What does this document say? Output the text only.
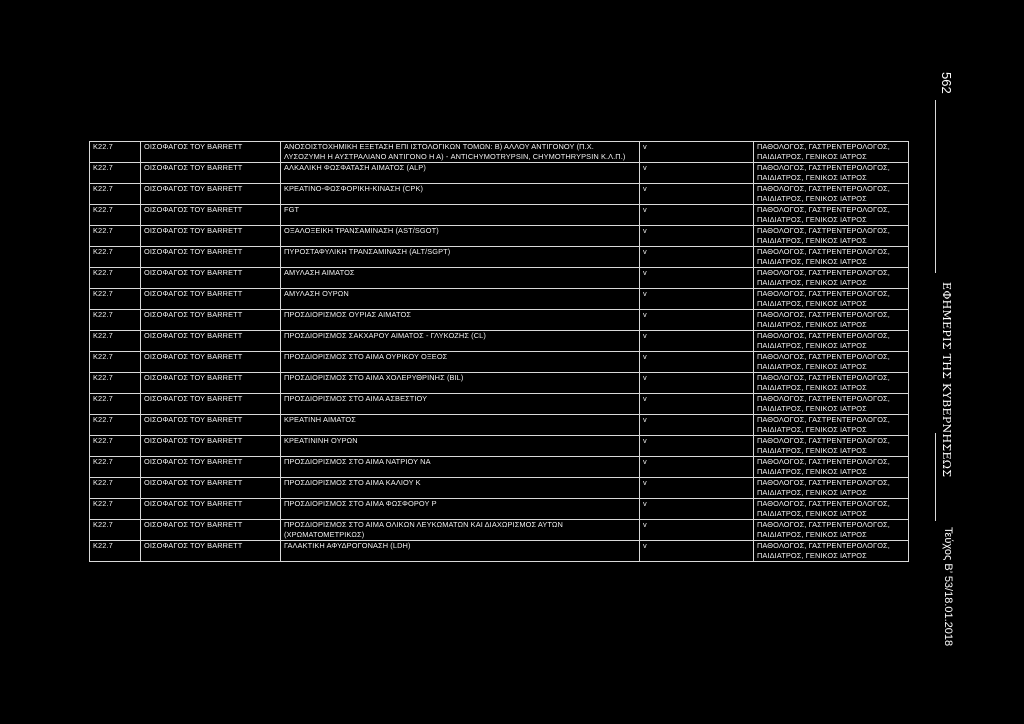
K22.7	ΟΙΣΟΦΑΓΟΣ ΤΟΥ BARRETT	ΑΝΟΣΟΙΣΤΟΧΗΜΙΚΗ ΕΞΕΤΑΣΗ ΕΠΙ ΙΣΤΟΛΟΓΙΚΩΝ ΤΟΜΩΝ: Β) ΑΛΛΟΥ ΑΝΤΙΓΟΝΟΥ (Π.Χ. ΛΥΣΟΖΥΜΗ Η ΑΥΣΤΡΑΛΙΑΝΟ ΑΝΤΙΓΟΝΟ Η Α) - ANTICHYMOTRYPSIN, CHYMOTHRYPSIN Κ.Λ.Π.)	v	ΠΑΘΟΛΟΓΟΣ, ΓΑΣΤΡΕΝΤΕΡΟΛΟΓΟΣ, ΠΑΙΔΙΑΤΡΟΣ, ΓΕΝΙΚΟΣ ΙΑΤΡΟΣ
K22.7	ΟΙΣΟΦΑΓΟΣ ΤΟΥ BARRETT	ΑΛΚΑΛΙΚΗ ΦΩΣΦΑΤΑΣΗ ΑΙΜΑΤΟΣ (ALP)	v	ΠΑΘΟΛΟΓΟΣ, ΓΑΣΤΡΕΝΤΕΡΟΛΟΓΟΣ, ΠΑΙΔΙΑΤΡΟΣ, ΓΕΝΙΚΟΣ ΙΑΤΡΟΣ
K22.7	ΟΙΣΟΦΑΓΟΣ ΤΟΥ BARRETT	ΚΡΕΑΤΙΝΟ-ΦΩΣΦΟΡΙΚΗ-ΚΙΝΑΣΗ (CPK)	v	ΠΑΘΟΛΟΓΟΣ, ΓΑΣΤΡΕΝΤΕΡΟΛΟΓΟΣ, ΠΑΙΔΙΑΤΡΟΣ, ΓΕΝΙΚΟΣ ΙΑΤΡΟΣ
K22.7	ΟΙΣΟΦΑΓΟΣ ΤΟΥ BARRETT	FGT	v	ΠΑΘΟΛΟΓΟΣ, ΓΑΣΤΡΕΝΤΕΡΟΛΟΓΟΣ, ΠΑΙΔΙΑΤΡΟΣ, ΓΕΝΙΚΟΣ ΙΑΤΡΟΣ
K22.7	ΟΙΣΟΦΑΓΟΣ ΤΟΥ BARRETT	ΟΞΑΛΟΞΕΙΚΗ ΤΡΑΝΣΑΜΙΝΑΣΗ (AST/SGOT)	v	ΠΑΘΟΛΟΓΟΣ, ΓΑΣΤΡΕΝΤΕΡΟΛΟΓΟΣ, ΠΑΙΔΙΑΤΡΟΣ, ΓΕΝΙΚΟΣ ΙΑΤΡΟΣ
K22.7	ΟΙΣΟΦΑΓΟΣ ΤΟΥ BARRETT	ΠΥΡΟΣΤΑΦΥΛΙΚΗ ΤΡΑΝΣΑΜΙΝΑΣΗ (ALT/SGPT)	v	ΠΑΘΟΛΟΓΟΣ, ΓΑΣΤΡΕΝΤΕΡΟΛΟΓΟΣ, ΠΑΙΔΙΑΤΡΟΣ, ΓΕΝΙΚΟΣ ΙΑΤΡΟΣ
K22.7	ΟΙΣΟΦΑΓΟΣ ΤΟΥ BARRETT	ΑΜΥΛΑΣΗ ΑΙΜΑΤΟΣ	v	ΠΑΘΟΛΟΓΟΣ, ΓΑΣΤΡΕΝΤΕΡΟΛΟΓΟΣ, ΠΑΙΔΙΑΤΡΟΣ, ΓΕΝΙΚΟΣ ΙΑΤΡΟΣ
K22.7	ΟΙΣΟΦΑΓΟΣ ΤΟΥ BARRETT	ΑΜΥΛΑΣΗ ΟΥΡΩΝ	v	ΠΑΘΟΛΟΓΟΣ, ΓΑΣΤΡΕΝΤΕΡΟΛΟΓΟΣ, ΠΑΙΔΙΑΤΡΟΣ, ΓΕΝΙΚΟΣ ΙΑΤΡΟΣ
K22.7	ΟΙΣΟΦΑΓΟΣ ΤΟΥ BARRETT	ΠΡΟΣΔΙΟΡΙΣΜΟΣ ΟΥΡΙΑΣ ΑΙΜΑΤΟΣ	v	ΠΑΘΟΛΟΓΟΣ, ΓΑΣΤΡΕΝΤΕΡΟΛΟΓΟΣ, ΠΑΙΔΙΑΤΡΟΣ, ΓΕΝΙΚΟΣ ΙΑΤΡΟΣ
K22.7	ΟΙΣΟΦΑΓΟΣ ΤΟΥ BARRETT	ΠΡΟΣΔΙΟΡΙΣΜΟΣ ΣΑΚΧΑΡΟΥ ΑΙΜΑΤΟΣ - ΓΛΥΚΟΖΗΣ (CL)	v	ΠΑΘΟΛΟΓΟΣ, ΓΑΣΤΡΕΝΤΕΡΟΛΟΓΟΣ, ΠΑΙΔΙΑΤΡΟΣ, ΓΕΝΙΚΟΣ ΙΑΤΡΟΣ
K22.7	ΟΙΣΟΦΑΓΟΣ ΤΟΥ BARRETT	ΠΡΟΣΔΙΟΡΙΣΜΟΣ ΣΤΟ ΑΙΜΑ ΟΥΡΙΚΟΥ ΟΞΕΟΣ	v	ΠΑΘΟΛΟΓΟΣ, ΓΑΣΤΡΕΝΤΕΡΟΛΟΓΟΣ, ΠΑΙΔΙΑΤΡΟΣ, ΓΕΝΙΚΟΣ ΙΑΤΡΟΣ
K22.7	ΟΙΣΟΦΑΓΟΣ ΤΟΥ BARRETT	ΠΡΟΣΔΙΟΡΙΣΜΟΣ ΣΤΟ ΑΙΜΑ ΧΟΛΕΡΥΘΡΙΝΗΣ (BIL)	v	ΠΑΘΟΛΟΓΟΣ, ΓΑΣΤΡΕΝΤΕΡΟΛΟΓΟΣ, ΠΑΙΔΙΑΤΡΟΣ, ΓΕΝΙΚΟΣ ΙΑΤΡΟΣ
K22.7	ΟΙΣΟΦΑΓΟΣ ΤΟΥ BARRETT	ΠΡΟΣΔΙΟΡΙΣΜΟΣ ΣΤΟ ΑΙΜΑ ΑΣΒΕΣΤΙΟΥ	v	ΠΑΘΟΛΟΓΟΣ, ΓΑΣΤΡΕΝΤΕΡΟΛΟΓΟΣ, ΠΑΙΔΙΑΤΡΟΣ, ΓΕΝΙΚΟΣ ΙΑΤΡΟΣ
K22.7	ΟΙΣΟΦΑΓΟΣ ΤΟΥ BARRETT	ΚΡΕΑΤΙΝΗ ΑΙΜΑΤΟΣ	v	ΠΑΘΟΛΟΓΟΣ, ΓΑΣΤΡΕΝΤΕΡΟΛΟΓΟΣ, ΠΑΙΔΙΑΤΡΟΣ, ΓΕΝΙΚΟΣ ΙΑΤΡΟΣ
K22.7	ΟΙΣΟΦΑΓΟΣ ΤΟΥ BARRETT	ΚΡΕΑΤΙΝΙΝΗ ΟΥΡΩΝ	v	ΠΑΘΟΛΟΓΟΣ, ΓΑΣΤΡΕΝΤΕΡΟΛΟΓΟΣ, ΠΑΙΔΙΑΤΡΟΣ, ΓΕΝΙΚΟΣ ΙΑΤΡΟΣ
K22.7	ΟΙΣΟΦΑΓΟΣ ΤΟΥ BARRETT	ΠΡΟΣΔΙΟΡΙΣΜΟΣ ΣΤΟ ΑΙΜΑ ΝΑΤΡΙΟΥ ΝΑ	v	ΠΑΘΟΛΟΓΟΣ, ΓΑΣΤΡΕΝΤΕΡΟΛΟΓΟΣ, ΠΑΙΔΙΑΤΡΟΣ, ΓΕΝΙΚΟΣ ΙΑΤΡΟΣ
K22.7	ΟΙΣΟΦΑΓΟΣ ΤΟΥ BARRETT	ΠΡΟΣΔΙΟΡΙΣΜΟΣ ΣΤΟ ΑΙΜΑ ΚΑΛΙΟΥ Κ	v	ΠΑΘΟΛΟΓΟΣ, ΓΑΣΤΡΕΝΤΕΡΟΛΟΓΟΣ, ΠΑΙΔΙΑΤΡΟΣ, ΓΕΝΙΚΟΣ ΙΑΤΡΟΣ
K22.7	ΟΙΣΟΦΑΓΟΣ ΤΟΥ BARRETT	ΠΡΟΣΔΙΟΡΙΣΜΟΣ ΣΤΟ ΑΙΜΑ ΦΩΣΦΟΡΟΥ Ρ	v	ΠΑΘΟΛΟΓΟΣ, ΓΑΣΤΡΕΝΤΕΡΟΛΟΓΟΣ, ΠΑΙΔΙΑΤΡΟΣ, ΓΕΝΙΚΟΣ ΙΑΤΡΟΣ
K22.7	ΟΙΣΟΦΑΓΟΣ ΤΟΥ BARRETT	ΠΡΟΣΔΙΟΡΙΣΜΟΣ ΣΤΟ ΑΙΜΑ ΟΛΙΚΩΝ ΛΕΥΚΩΜΑΤΩΝ ΚΑΙ ΔΙΑΧΩΡΙΣΜΟΣ ΑΥΤΩΝ (ΧΡΩΜΑΤΟΜΕΤΡΙΚΩΣ)	v	ΠΑΘΟΛΟΓΟΣ, ΓΑΣΤΡΕΝΤΕΡΟΛΟΓΟΣ, ΠΑΙΔΙΑΤΡΟΣ, ΓΕΝΙΚΟΣ ΙΑΤΡΟΣ
K22.7	ΟΙΣΟΦΑΓΟΣ ΤΟΥ BARRETT	ΓΑΛΑΚΤΙΚΗ ΑΦΥΔΡΟΓΟΝΑΣΗ (LDH)	v	ΠΑΘΟΛΟΓΟΣ, ΓΑΣΤΡΕΝΤΕΡΟΛΟΓΟΣ, ΠΑΙΔΙΑΤΡΟΣ, ΓΕΝΙΚΟΣ ΙΑΤΡΟΣ
562
ΕΦΗΜΕΡΙΣ ΤΗΣ ΚΥΒΕΡΝΗΣΕΩΣ
Τεύχος Β’ 53/18.01.2018
